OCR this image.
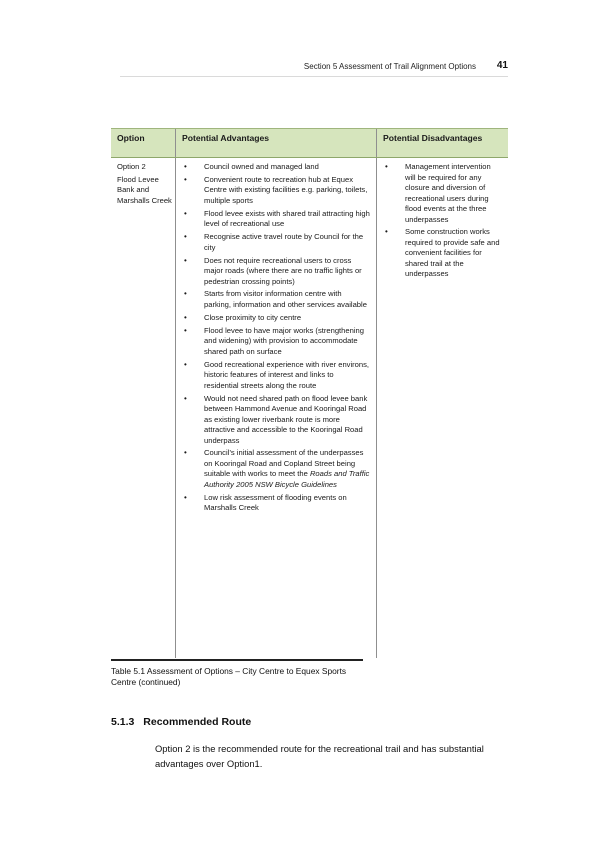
Section 5 Assessment of Trail Alignment Options 41
Option	Potential Advantages	Potential Disadvantages
Option 2
Flood Levee Bank and Marshalls Creek
• Council owned and managed land
• Convenient route to recreation hub at Equex Centre with existing facilities e.g. parking, toilets, multiple sports
• Flood levee exists with shared trail attracting high level of recreational use
• Recognise active travel route by Council for the city
• Does not require recreational users to cross major roads (where there are no traffic lights or pedestrian crossing points)
• Starts from visitor information centre with parking, information and other services available
• Close proximity to city centre
• Flood levee to have major works (strengthening and widening) with provision to accommodate shared path on surface
• Good recreational experience with river environs, historic features of interest and links to residential streets along the route
• Would not need shared path on flood levee bank between Hammond Avenue and Kooringal Road as existing lower riverbank route is more attractive and accessible to the Kooringal Road underpass
• Council’s initial assessment of the underpasses on Kooringal Road and Copland Street being suitable with works to meet the Roads and Traffic Authority 2005 NSW Bicycle Guidelines
• Low risk assessment of flooding events on Marshalls Creek
• Management intervention will be required for any closure and diversion of recreational users during flood events at the three underpasses
• Some construction works required to provide safe and convenient facilities for shared trail at the underpasses
Table 5.1 Assessment of Options – City Centre to Equex Sports Centre (continued)
5.1.3 Recommended Route
Option 2 is the recommended route for the recreational trail and has substantial advantages over Option1.
